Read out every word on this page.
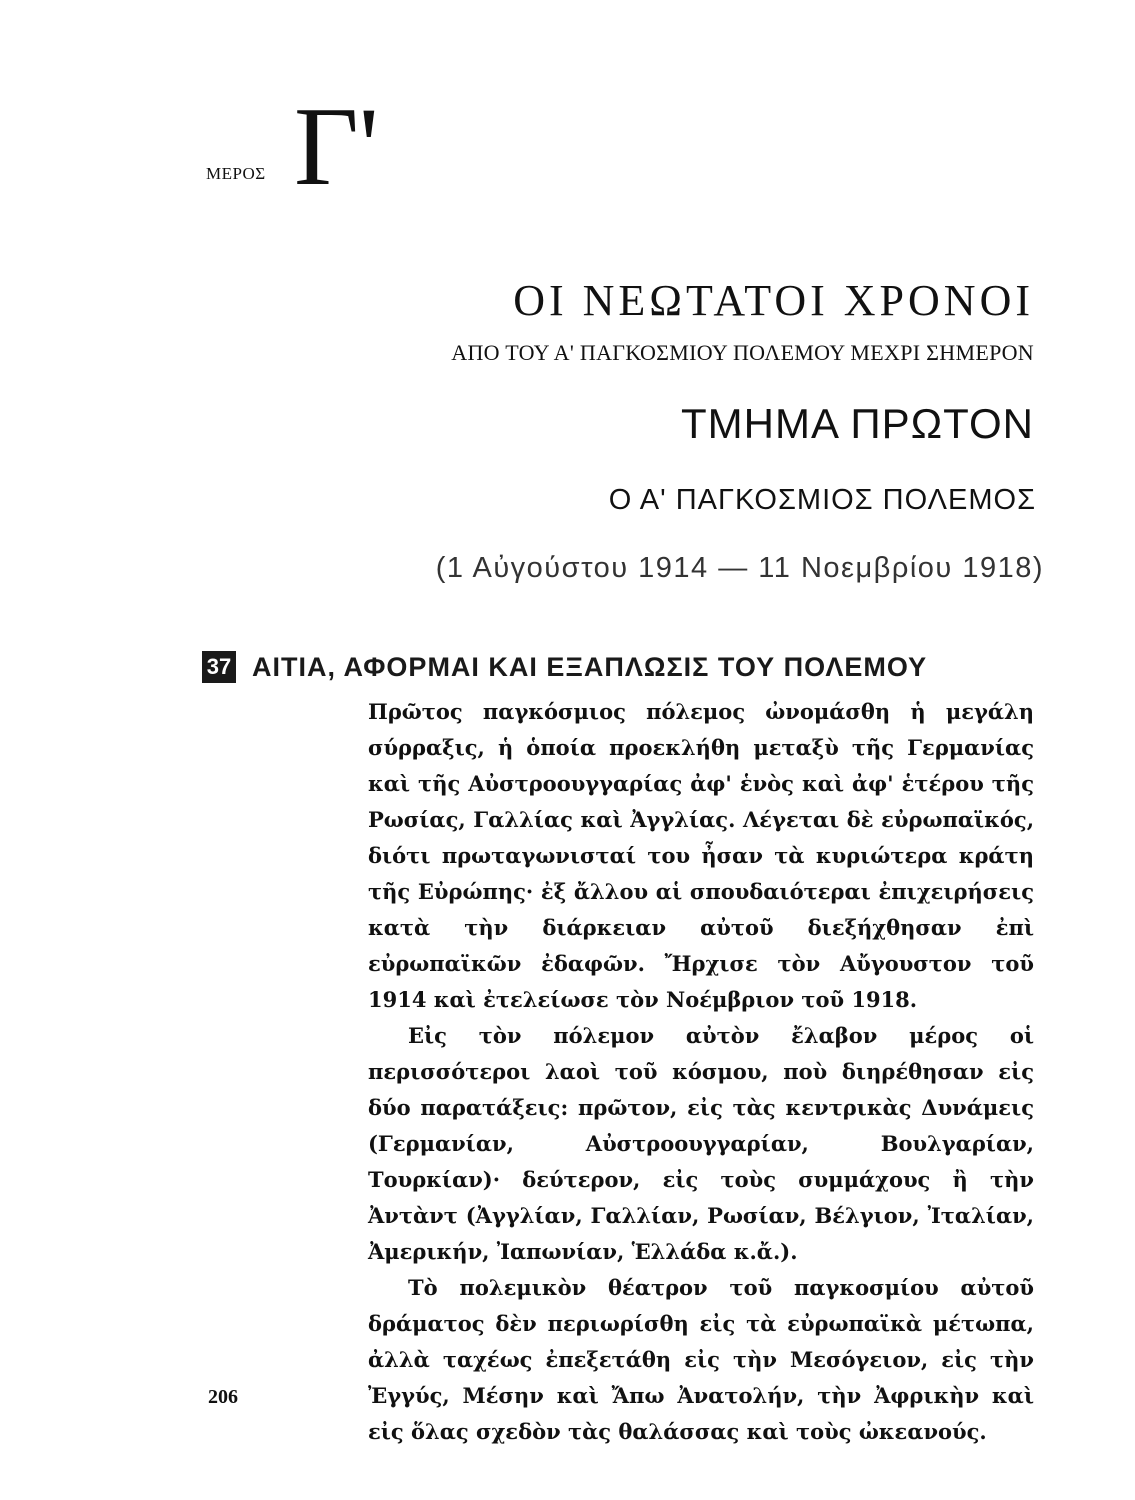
ΜΕΡΟΣ Γ'
ΟΙ ΝΕΩΤΑΤΟΙ ΧΡΟΝΟΙ
ΑΠΟ ΤΟΥ Α' ΠΑΓΚΟΣΜΙΟΥ ΠΟΛΕΜΟΥ ΜΕΧΡΙ ΣΗΜΕΡΟΝ
ΤΜΗΜΑ ΠΡΩΤΟΝ
Ο Α' ΠΑΓΚΟΣΜΙΟΣ ΠΟΛΕΜΟΣ
(1 Αὐγούστου 1914 — 11 Νοεμβρίου 1918)
37 ΑΙΤΙΑ, ΑΦΟΡΜΑΙ ΚΑΙ ΕΞΑΠΛΩΣΙΣ ΤΟΥ ΠΟΛΕΜΟΥ

Πρῶτος παγκόσμιος πόλεμος ὠνομάσθη ἡ μεγάλη σύρραξις, ἡ ὁποία προεκλήθη μεταξὺ τῆς Γερμανίας καὶ τῆς Αὐστροουγγαρίας ἀφ' ἑνὸς καὶ ἀφ' ἑτέρου τῆς Ρωσίας, Γαλλίας καὶ Ἀγγλίας. Λέγεται δὲ εὐρωπαϊκός, διότι πρωταγωνισταί του ἦσαν τὰ κυριώτερα κράτη τῆς Εὐρώπης· ἐξ ἄλλου αἱ σπουδαιότεραι ἐπιχειρήσεις κατὰ τὴν διάρκειαν αὐτοῦ διεξήχθησαν ἐπὶ εὐρωπαϊκῶν ἐδαφῶν. Ἤρχισε τὸν Αὔγουστον τοῦ 1914 καὶ ἐτελείωσε τὸν Νοέμβριον τοῦ 1918.

Εἰς τὸν πόλεμον αὐτὸν ἔλαβον μέρος οἱ περισσότεροι λαοὶ τοῦ κόσμου, ποὺ διηρέθησαν εἰς δύο παρατάξεις: πρῶτον, εἰς τὰς κεντρικὰς Δυνάμεις (Γερμανίαν, Αὐστροουγγαρίαν, Βουλγαρίαν, Τουρκίαν)· δεύτερον, εἰς τοὺς συμμάχους ἢ τὴν Ἀντὰντ (Ἀγγλίαν, Γαλλίαν, Ρωσίαν, Βέλγιον, Ἰταλίαν, Ἀμερικήν, Ἰαπωνίαν, Ἑλλάδα κ.ἄ.).

Τὸ πολεμικὸν θέατρον τοῦ παγκοσμίου αὐτοῦ δράματος δὲν περιωρίσθη εἰς τὰ εὐρωπαϊκὰ μέτωπα, ἀλλὰ ταχέως ἐπεξετάθη εἰς τὴν Μεσόγειον, εἰς τὴν Ἐγγύς, Μέσην καὶ Ἄπω Ἀνατολήν, τὴν Ἀφρικὴν καὶ εἰς ὅλας σχεδὸν τὰς θαλάσσας καὶ τοὺς ὠκεανούς.

206
